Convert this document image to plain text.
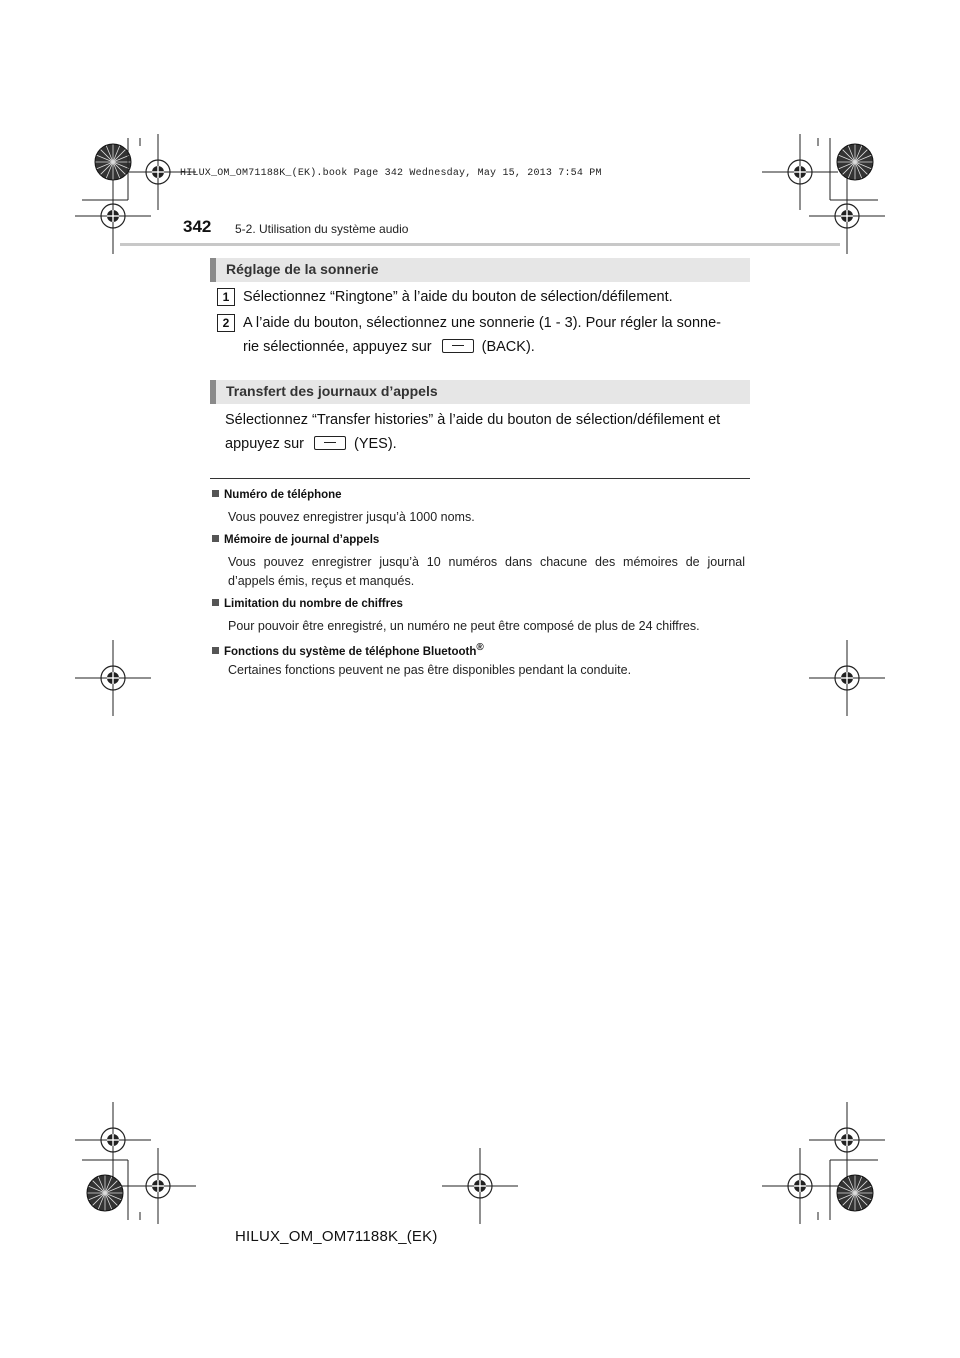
HILUX_OM_OM71188K_(EK).book Page 342 Wednesday, May 15, 2013 7:54 PM
342 5-2. Utilisation du système audio
Réglage de la sonnerie
1 Sélectionnez “Ringtone” à l’aide du bouton de sélection/défilement.
2 A l’aide du bouton, sélectionnez une sonnerie (1 - 3). Pour régler la sonne-
rie sélectionnée, appuyez sur	(BACK).
Transfert des journaux d’appels
Sélectionnez “Transfer histories” à l’aide du bouton de sélection/défilement et
appuyez sur	(YES).
Numéro de téléphone
Vous pouvez enregistrer jusqu’à 1000 noms.
Mémoire de journal d’appels
Vous pouvez enregistrer jusqu’à 10 numéros dans chacune des mémoires de journal
d’appels émis, reçus et manqués.
Limitation du nombre de chiffres
Pour pouvoir être enregistré, un numéro ne peut être composé de plus de 24 chiffres.
Fonctions du système de téléphone Bluetooth®
Certaines fonctions peuvent ne pas être disponibles pendant la conduite.
HILUX_OM_OM71188K_(EK)
